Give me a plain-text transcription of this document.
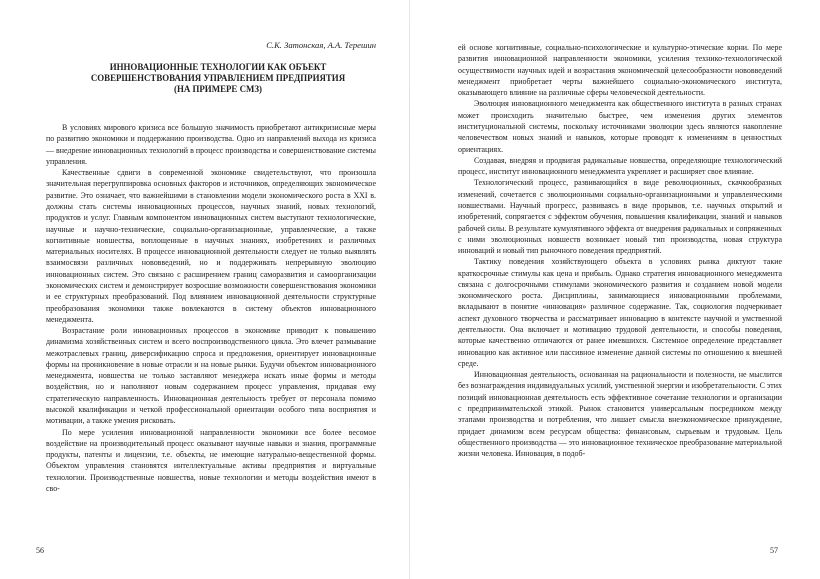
С.К. Затонская, А.А. Терешин
ИННОВАЦИОННЫЕ ТЕХНОЛОГИИ КАК ОБЪЕКТ
СОВЕРШЕНСТВОВАНИЯ УПРАВЛЕНИЕМ ПРЕДПРИЯТИЯ
(НА ПРИМЕРЕ СМЗ)

В условиях мирового кризиса все большую значимость приобретают антикризисные меры по развитию экономики и поддержанию производства. Одно из направлений выхода из кризиса — внедрение инновационных технологий в процесс производства и совершенствование системы управления.

Качественные сдвиги в современной экономике свидетельствуют, что произошла значительная перегруппировка основных факторов и источников, определяющих экономическое развитие. Это означает, что важнейшими в становлении модели экономического роста в XXI в. должны стать системы инновационных процессов, научных знаний, новых технологий, продуктов и услуг. Главным компонентом инновационных систем выступают технологические, научные и научно-технические, социально-организационные, управленческие, а также когнитивные новшества, воплощенные в научных знаниях, изобретениях и различных материальных носителях. В процессе инновационной деятельности следует не только выявлять взаимосвязи различных нововведений, но и поддерживать непрерывную эволюцию инновационных систем. Это связано с расширением границ саморазвития и самоорганизации экономических систем и демонстрирует возросшие возможности совершенствования экономики и ее структурных преобразований. Под влиянием инновационной деятельности структурные преобразования экономики также вовлекаются в систему объектов инновационного менеджмента.

Возрастание роли инновационных процессов в экономике приводит к повышению динамизма хозяйственных систем и всего воспроизводственного цикла. Это влечет размывание межотраслевых границ, диверсификацию спроса и предложения, ориентирует инновационные формы на проникновение в новые отрасли и на новые рынки. Будучи объектом инновационного менеджмента, новшества не только заставляют менеджера искать иные формы и методы воздействия, но и наполняют новым содержанием процесс управления, придавая ему стратегическую направленность. Инновационная деятельность требует от персонала помимо высокой квалификации и четкой профессиональной ориентации особого типа восприятия и мотивации, а также умения рисковать.

По мере усиления инновационной направленности экономики все более весомое воздействие на производительный процесс оказывают научные навыки и знания, программные продукты, патенты и лицензии, т.е. объекты, не имеющие натурально-вещественной формы. Объектом управления становятся интеллектуальные активы предприятия и виртуальные технологии. Производственные новшества, новые технологии и методы воздействия имеют в сво-

56

ей основе когнитивные, социально-психологические и культурно-этические корни. По мере развития инновационной направленности экономики, усиления технико-технологической осуществимости научных идей и возрастания экономической целесообразности нововведений менеджмент приобретает черты важнейшего социально-экономического института, оказывающего влияние на различные сферы человеческой деятельности.

Эволюция инновационного менеджмента как общественного института в разных странах может происходить значительно быстрее, чем изменения других элементов институциональной системы, поскольку источниками эволюции здесь являются накопление человечеством новых знаний и навыков, которые проводят к изменениям в ценностных ориентациях.

Создавая, внедряя и продвигая радикальные новшества, определяющие технологический процесс, институт инновационного менеджмента укрепляет и расширяет свое влияние.

Технологический процесс, развивающийся в виде революционных, скачкообразных изменений, сочетается с эволюционными социально-организационными и управленческими новшествами. Научный прогресс, развиваясь в виде прорывов, т.е. научных открытий и изобретений, сопрягается с эффектом обучения, повышения квалификации, знаний и навыков рабочей силы. В результате кумулятивного эффекта от внедрения радикальных и сопряженных с ними эволюционных новшеств возникает новый тип производства, новая структура инноваций и новый тип рыночного поведения предприятий.

Тактику поведения хозяйствующего объекта в условиях рынка диктуют такие краткосрочные стимулы как цена и прибыль. Однако стратегия инновационного менеджмента связана с долгосрочными стимулами экономического развития и созданием новой модели экономического роста. Дисциплины, занимающиеся инновационными проблемами, вкладывают в понятие «инновация» различное содержание. Так, социология подчеркивает аспект духовного творчества и рассматривает инновацию в контексте научной и умственной деятельности. Она включает и мотивацию трудовой деятельности, и способы поведения, которые качественно отличаются от ранее имевшихся. Системное определение представляет инновацию как активное или пассивное изменение данной системы по отношению к внешней среде.

Инновационная деятельность, основанная на рациональности и полезности, не мыслится без вознаграждения индивидуальных усилий, умственной энергии и изобретательности. С этих позиций инновационная деятельность есть эффективное сочетание технологии и организации с предпринимательской этикой. Рынок становится универсальным посредником между этапами производства и потребления, что лишает смысла внеэкономическое принуждение, придает динамизм всем ресурсам общества: финансовым, сырьевым и трудовым. Цель общественного производства — это инновационное техническое преобразование материальной жизни человека. Инновация, в подоб-

57
